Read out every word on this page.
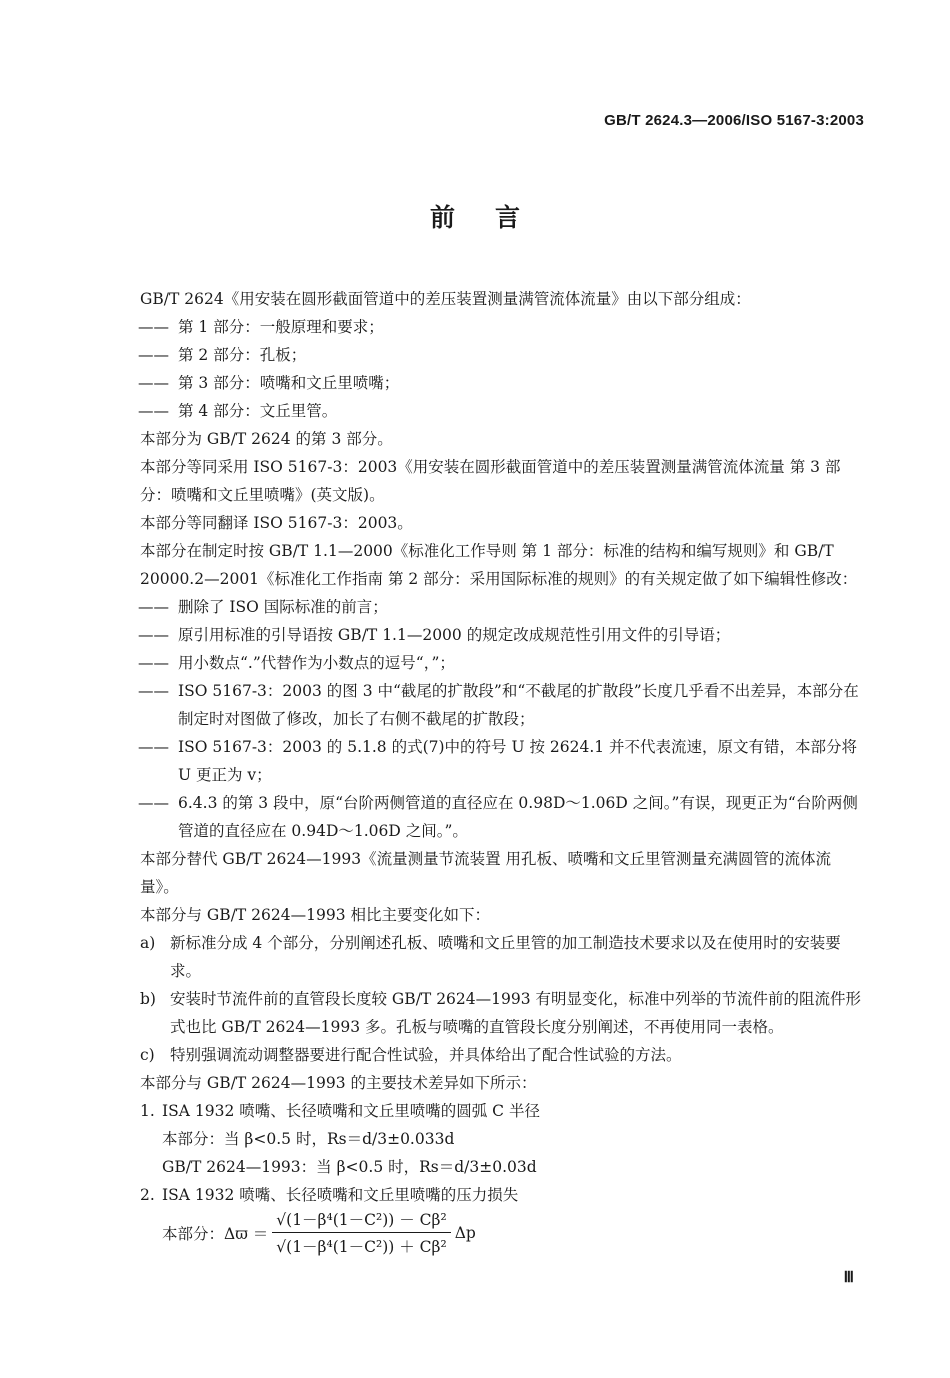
GB/T 2624.3—2006/ISO 5167-3:2003
前言

GB/T 2624《用安装在圆形截面管道中的差压装置测量满管流体流量》由以下部分组成：

—— 第 1 部分：一般原理和要求；

—— 第 2 部分：孔板；

—— 第 3 部分：喷嘴和文丘里喷嘴；

—— 第 4 部分：文丘里管。

本部分为 GB/T 2624 的第 3 部分。

本部分等同采用 ISO 5167-3：2003《用安装在圆形截面管道中的差压装置测量满管流体流量 第 3 部分：喷嘴和文丘里喷嘴》(英文版)。

本部分等同翻译 ISO 5167-3：2003。

本部分在制定时按 GB/T 1.1—2000《标准化工作导则 第 1 部分：标准的结构和编写规则》和 GB/T 20000.2—2001《标准化工作指南 第 2 部分：采用国际标准的规则》的有关规定做了如下编辑性修改：

—— 删除了 ISO 国际标准的前言；

—— 原引用标准的引导语按 GB/T 1.1—2000 的规定改成规范性引用文件的引导语；

—— 用小数点“.”代替作为小数点的逗号“，”；

—— ISO 5167-3：2003 的图 3 中“截尾的扩散段”和“不截尾的扩散段”长度几乎看不出差异，本部分在制定时对图做了修改，加长了右侧不截尾的扩散段；

—— ISO 5167-3：2003 的 5.1.8 的式(7)中的符号 U 按 2624.1 并不代表流速，原文有错，本部分将 U 更正为 v；

—— 6.4.3 的第 3 段中，原“台阶两侧管道的直径应在 0.98D～1.06D 之间。”有误，现更正为“台阶两侧管道的直径应在 0.94D～1.06D 之间。”。

本部分替代 GB/T 2624—1993《流量测量节流装置 用孔板、喷嘴和文丘里管测量充满圆管的流体流量》。

本部分与 GB/T 2624—1993 相比主要变化如下：

a) 新标准分成 4 个部分，分别阐述孔板、喷嘴和文丘里管的加工制造技术要求以及在使用时的安装要求。

b) 安装时节流件前的直管段长度较 GB/T 2624—1993 有明显变化，标准中列举的节流件前的阻流件形式也比 GB/T 2624—1993 多。孔板与喷嘴的直管段长度分别阐述，不再使用同一表格。

c) 特别强调流动调整器要进行配合性试验，并具体给出了配合性试验的方法。

本部分与 GB/T 2624—1993 的主要技术差异如下所示：

1. ISA 1932 喷嘴、长径喷嘴和文丘里喷嘴的圆弧 C 半径

本部分：当 β<0.5 时，Rs＝d/3±0.033d

GB/T 2624—1993：当 β<0.5 时，Rs＝d/3±0.03d

2. ISA 1932 喷嘴、长径喷嘴和文丘里喷嘴的压力损失

本部分：$\Delta ϖ = \frac{\text{√(1－β⁴(1－C²)) － Cβ²}}{\text{√(1－β⁴(1－C²)) ＋ Cβ²}}$ Δp
Ⅲ
